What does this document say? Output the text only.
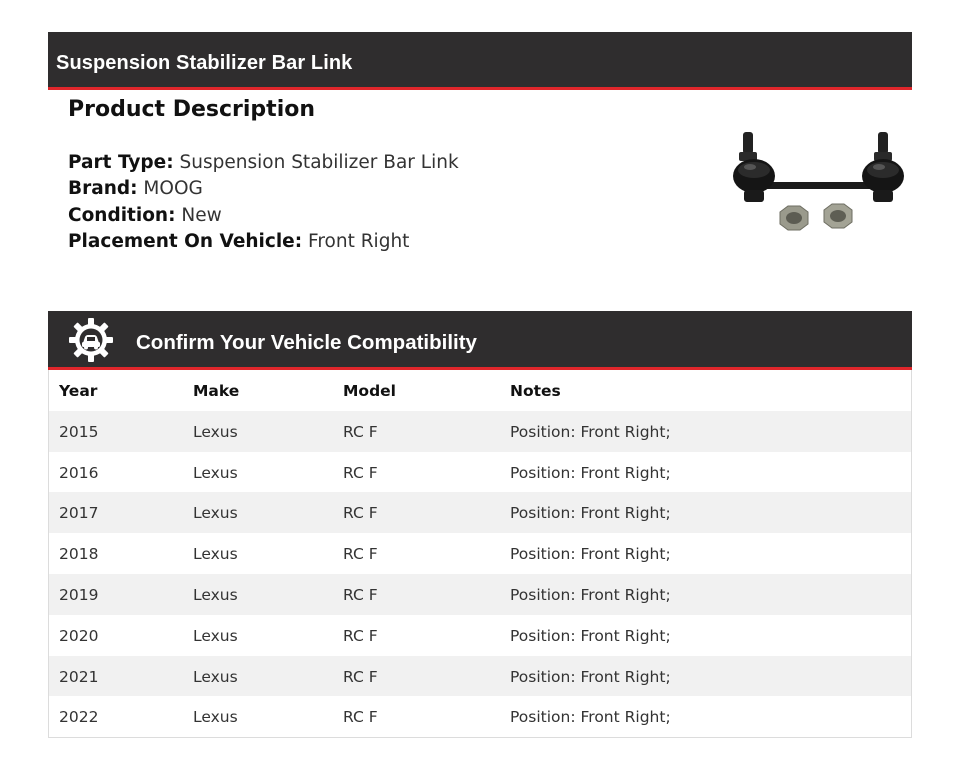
Suspension Stabilizer Bar Link
Product Description
Part Type: Suspension Stabilizer Bar Link
Brand: MOOG
Condition: New
Placement On Vehicle: Front Right
Confirm Your Vehicle Compatibility
Year	Make	Model	Notes
2015	Lexus	RC F	Position: Front Right;
2016	Lexus	RC F	Position: Front Right;
2017	Lexus	RC F	Position: Front Right;
2018	Lexus	RC F	Position: Front Right;
2019	Lexus	RC F	Position: Front Right;
2020	Lexus	RC F	Position: Front Right;
2021	Lexus	RC F	Position: Front Right;
2022	Lexus	RC F	Position: Front Right;
